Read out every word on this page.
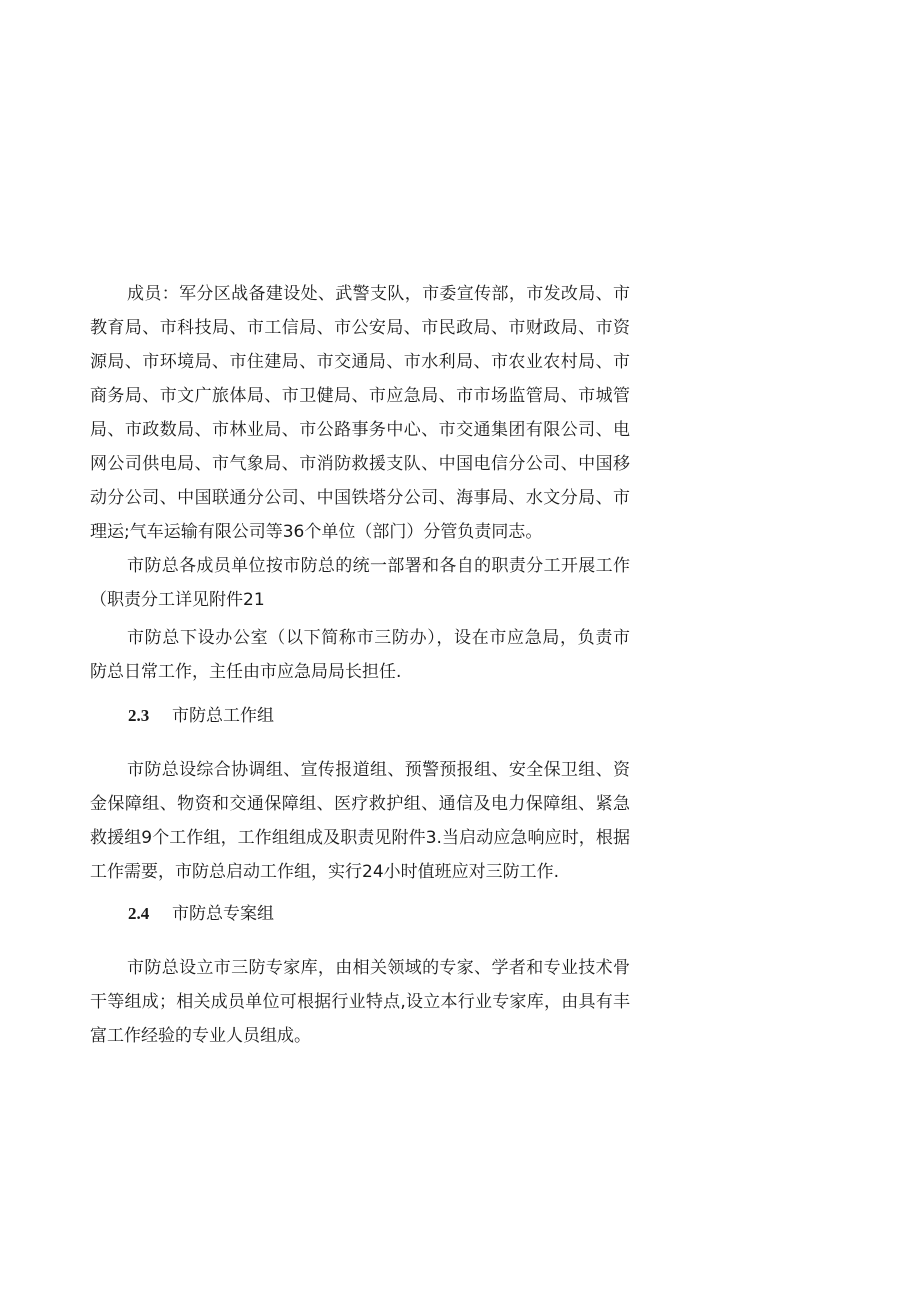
成员：军分区战备建设处、武警支队，市委宣传部，市发改局、市
教育局、市科技局、市工信局、市公安局、市民政局、市财政局、市资
源局、市环境局、市住建局、市交通局、市水利局、市农业农村局、市
商务局、市文广旅体局、市卫健局、市应急局、市市场监管局、市城管
局、市政数局、市林业局、市公路事务中心、市交通集团有限公司、电
网公司供电局、市气象局、市消防救援支队、中国电信分公司、中国移
动分公司、中国联通分公司、中国铁塔分公司、海事局、水文分局、市
理运;气车运输有限公司等36个单位（部门）分管负责同志。
市防总各成员单位按市防总的统一部署和各自的职责分工开展工作
（职责分工详见附件21
市防总下设办公室（以下简称市三防办），设在市应急局，负责市
防总日常工作，主任由市应急局局长担任.
2.3 市防总工作组
市防总设综合协调组、宣传报道组、预警预报组、安全保卫组、资
金保障组、物资和交通保障组、医疗救护组、通信及电力保障组、紧急
救援组9个工作组，工作组组成及职责见附件3.当启动应急响应时，根据
工作需要，市防总启动工作组，实行24小时值班应对三防工作.
2.4 市防总专案组
市防总设立市三防专家库，由相关领域的专家、学者和专业技术骨
干等组成；相关成员单位可根据行业特点,设立本行业专家库，由具有丰
富工作经验的专业人员组成。
